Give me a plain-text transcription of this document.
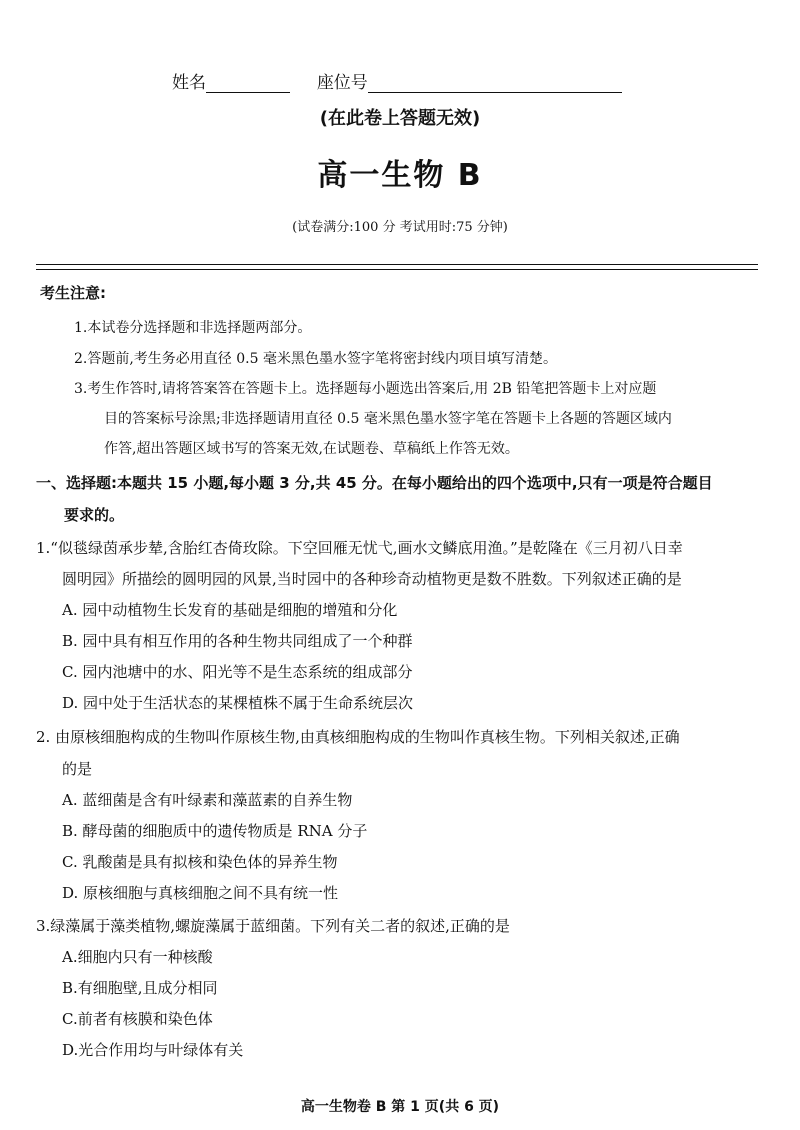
姓名	座位号
(在此卷上答题无效)
高一生物 B
(试卷满分:100 分 考试用时:75 分钟)
考生注意:
1.本试卷分选择题和非选择题两部分。
2.答题前,考生务必用直径 0.5 毫米黑色墨水签字笔将密封线内项目填写清楚。
3.考生作答时,请将答案答在答题卡上。选择题每小题选出答案后,用 2B 铅笔把答题卡上对应题
目的答案标号涂黑;非选择题请用直径 0.5 毫米黑色墨水签字笔在答题卡上各题的答题区域内
作答,超出答题区域书写的答案无效,在试题卷、草稿纸上作答无效。
一、选择题:本题共 15 小题,每小题 3 分,共 45 分。在每小题给出的四个选项中,只有一项是符合题目
要求的。
1.“似毯绿茵承步辇,含胎红杏倚玫除。下空回雁无忧弋,画水文鳞底用渔。”是乾隆在《三月初八日幸
圆明园》所描绘的圆明园的风景,当时园中的各种珍奇动植物更是数不胜数。下列叙述正确的是
A. 园中动植物生长发育的基础是细胞的增殖和分化
B. 园中具有相互作用的各种生物共同组成了一个种群
C. 园内池塘中的水、阳光等不是生态系统的组成部分
D. 园中处于生活状态的某棵植株不属于生命系统层次
2. 由原核细胞构成的生物叫作原核生物,由真核细胞构成的生物叫作真核生物。下列相关叙述,正确
的是
A. 蓝细菌是含有叶绿素和藻蓝素的自养生物
B. 酵母菌的细胞质中的遗传物质是 RNA 分子
C. 乳酸菌是具有拟核和染色体的异养生物
D. 原核细胞与真核细胞之间不具有统一性
3.绿藻属于藻类植物,螺旋藻属于蓝细菌。下列有关二者的叙述,正确的是
A.细胞内只有一种核酸
B.有细胞壁,且成分相同
C.前者有核膜和染色体
D.光合作用均与叶绿体有关
高一生物卷 B 第 1 页(共 6 页)
